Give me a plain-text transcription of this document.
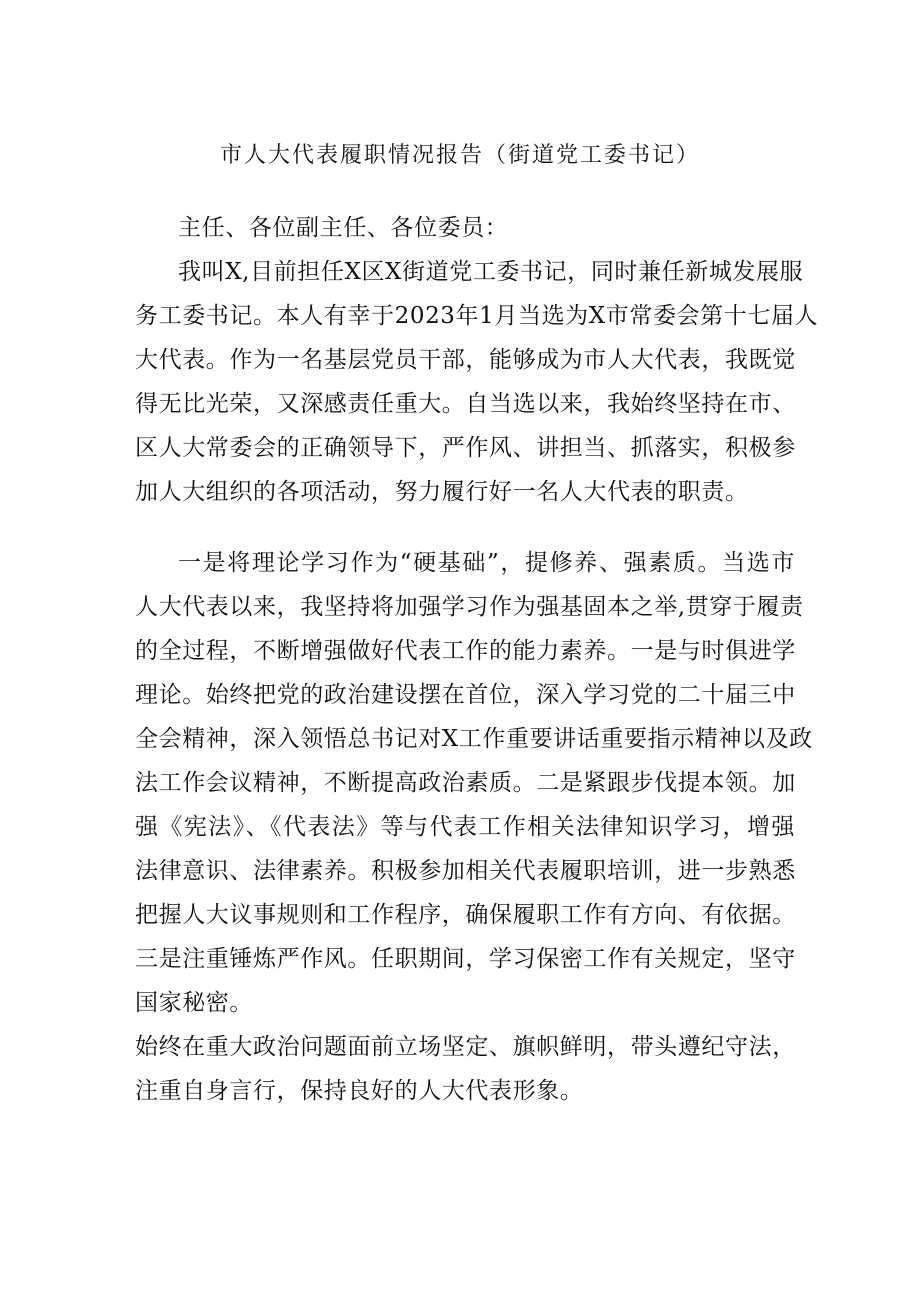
市人大代表履职情况报告（街道党工委书记）
主任、各位副主任、各位委员：
我叫X,目前担任X区X街道党工委书记，同时兼任新城发展服
务工委书记。本人有幸于2023年1月当选为X市常委会第十七届人
大代表。作为一名基层党员干部，能够成为市人大代表，我既觉
得无比光荣，又深感责任重大。自当选以来，我始终坚持在市、
区人大常委会的正确领导下，严作风、讲担当、抓落实，积极参
加人大组织的各项活动，努力履行好一名人大代表的职责。
一是将理论学习作为“硬基础”，提修养、强素质。当选市
人大代表以来，我坚持将加强学习作为强基固本之举,贯穿于履责
的全过程，不断增强做好代表工作的能力素养。一是与时俱进学
理论。始终把党的政治建设摆在首位，深入学习党的二十届三中
全会精神，深入领悟总书记对X工作重要讲话重要指示精神以及政
法工作会议精神，不断提高政治素质。二是紧跟步伐提本领。加
强《宪法》、《代表法》等与代表工作相关法律知识学习，增强
法律意识、法律素养。积极参加相关代表履职培训，进一步熟悉
把握人大议事规则和工作程序，确保履职工作有方向、有依据。
三是注重锤炼严作风。任职期间，学习保密工作有关规定，坚守
国家秘密。
始终在重大政治问题面前立场坚定、旗帜鲜明，带头遵纪守法，
注重自身言行，保持良好的人大代表形象。
